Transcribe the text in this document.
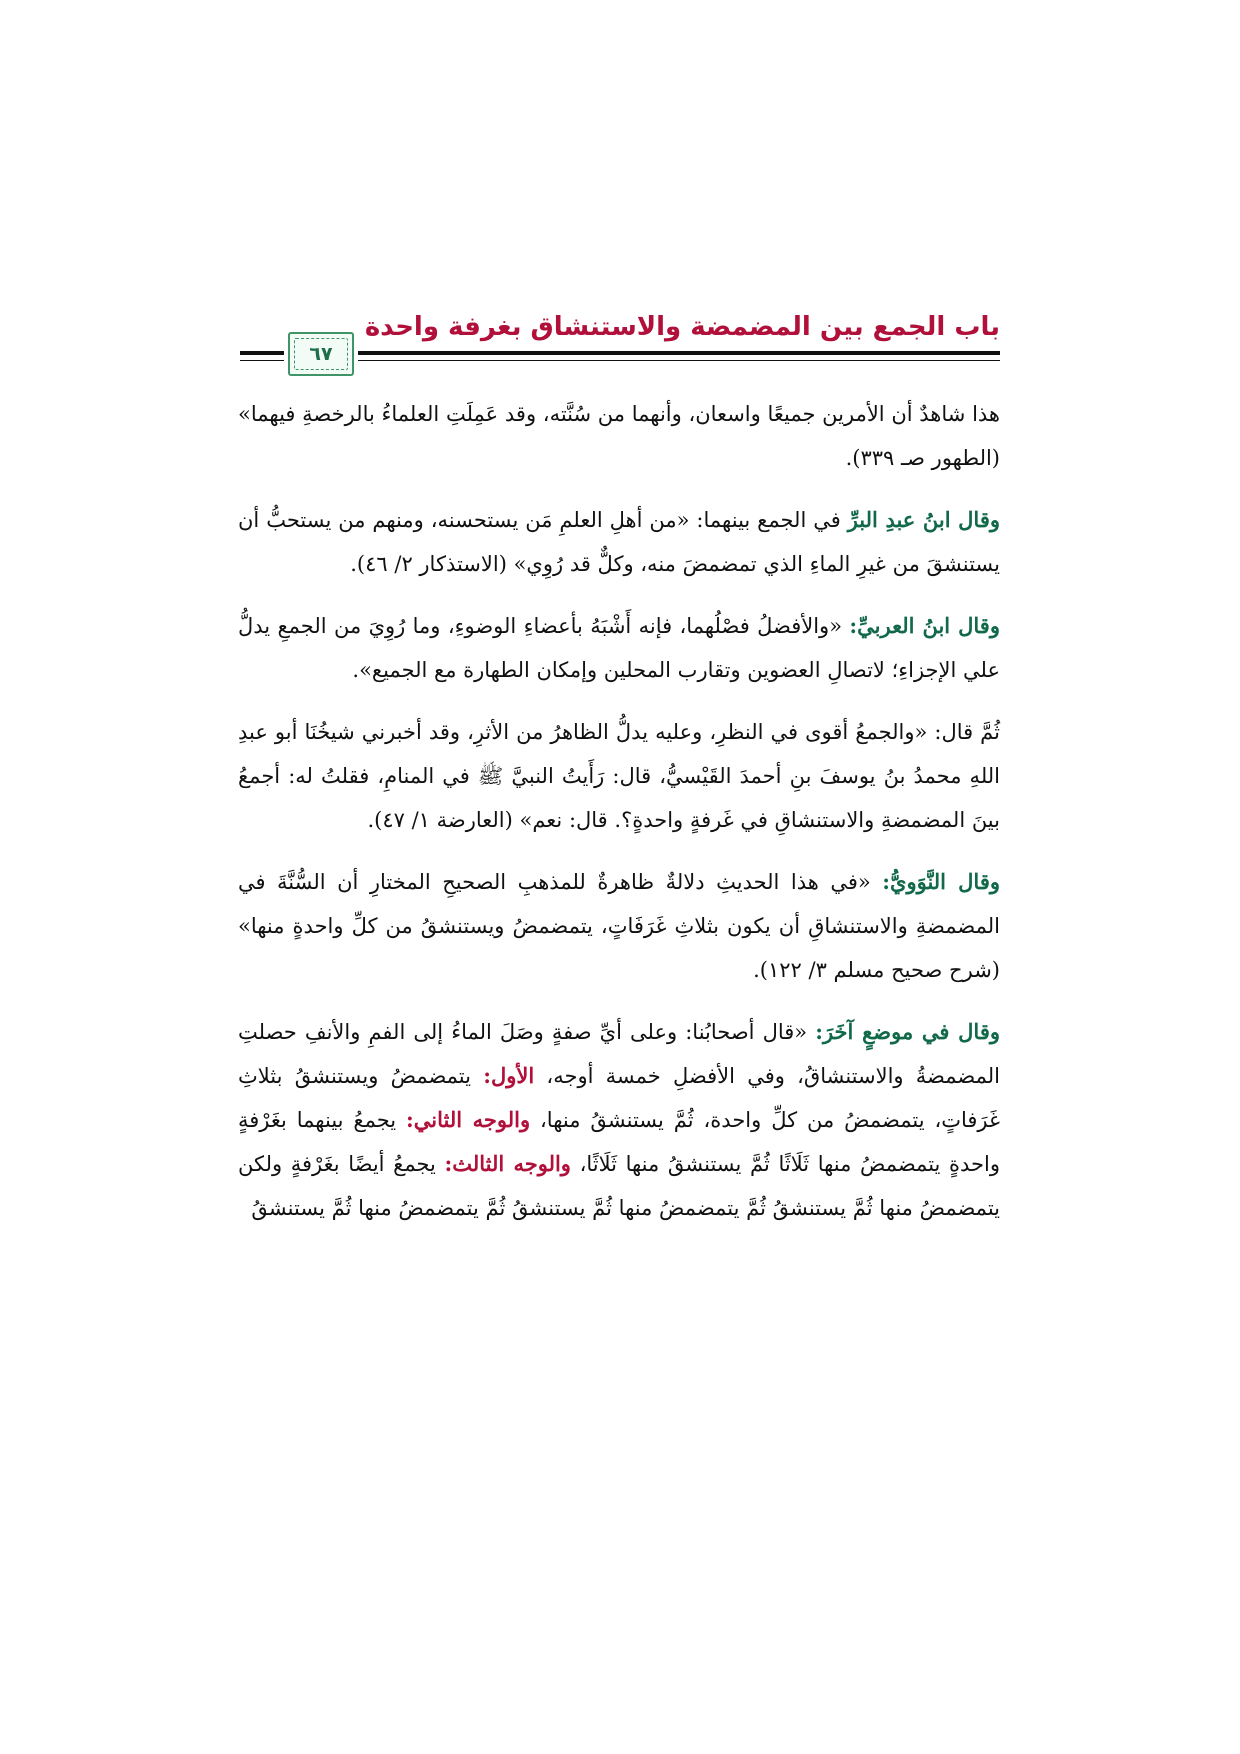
باب الجمع بين المضمضة والاستنشاق بغرفة واحدة
٦٧

هذا شاهدٌ أن الأمرين جميعًا واسعان، وأنهما من سُنَّته، وقد عَمِلَتِ العلماءُ بالرخصةِ فيهما» (الطهور صـ ٣٣٩).

وقال ابنُ عبدِ البرِّ في الجمع بينهما: «من أهلِ العلمِ مَن يستحسنه، ومنهم من يستحبُّ أن يستنشقَ من غيرِ الماءِ الذي تمضمضَ منه، وكلٌّ قد رُوِي» (الاستذكار ٢/ ٤٦).

وقال ابنُ العربيِّ: «والأفضلُ فصْلُهما، فإنه أَشْبَهُ بأعضاءِ الوضوءِ، وما رُوِيَ من الجمعِ يدلُّ علي الإجزاءِ؛ لاتصالِ العضوين وتقارب المحلين وإمكان الطهارة مع الجميع».

ثُمَّ قال: «والجمعُ أقوى في النظرِ، وعليه يدلُّ الظاهرُ من الأثرِ، وقد أخبرني شيخُنَا أبو عبدِ اللهِ محمدُ بنُ يوسفَ بنِ أحمدَ القَيْسيُّ، قال: رَأَيتُ النبيَّ ﷺ في المنامِ، فقلتُ له: أجمعُ بينَ المضمضةِ والاستنشاقِ في غَرفةٍ واحدةٍ؟. قال: نعم» (العارضة ١/ ٤٧).

وقال النَّوَويُّ: «في هذا الحديثِ دلالةٌ ظاهرةٌ للمذهبِ الصحيحِ المختارِ أن السُّنَّةَ في المضمضةِ والاستنشاقِ أن يكون بثلاثِ غَرَفَاتٍ، يتمضمضُ ويستنشقُ من كلِّ واحدةٍ منها» (شرح صحيح مسلم ٣/ ١٢٢).

وقال في موضعٍ آخَرَ: «قال أصحابُنا: وعلى أيِّ صفةٍ وصَلَ الماءُ إلى الفمِ والأنفِ حصلتِ المضمضةُ والاستنشاقُ، وفي الأفضلِ خمسة أوجه، الأول: يتمضمضُ ويستنشقُ بثلاثِ غَرَفاتٍ، يتمضمضُ من كلِّ واحدة، ثُمَّ يستنشقُ منها، والوجه الثاني: يجمعُ بينهما بغَرْفةٍ واحدةٍ يتمضمضُ منها ثَلَاثًا ثُمَّ يستنشقُ منها ثَلَاثًا، والوجه الثالث: يجمعُ أيضًا بغَرْفةٍ ولكن يتمضمضُ منها ثُمَّ يستنشقُ ثُمَّ يتمضمضُ منها ثُمَّ يستنشقُ ثُمَّ يتمضمضُ منها ثُمَّ يستنشقُ
